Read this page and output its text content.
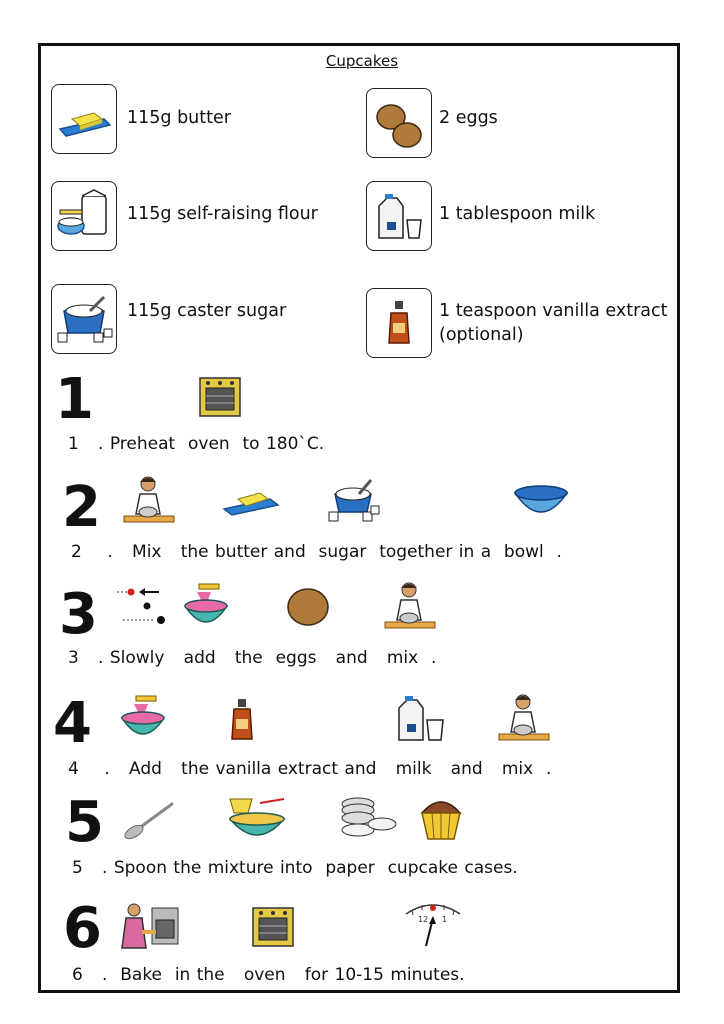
Cupcakes
115g butter	2 eggs
115g self-raising flour	1 tablespoon milk
115g caster sugar	1 teaspoon vanilla extract
(optional)
1
1   . Preheat  oven  to 180`C.
2
2    .   Mix   the butter and  sugar  together in a  bowl  .
3
3   . Slowly   add   the  eggs   and   mix  .
4
4    .   Add   the vanilla extract and   milk   and   mix  .
5
5   . Spoon the mixture into  paper  cupcake cases.
6	12 1
6   .  Bake  in the   oven   for 10-15 minutes.
